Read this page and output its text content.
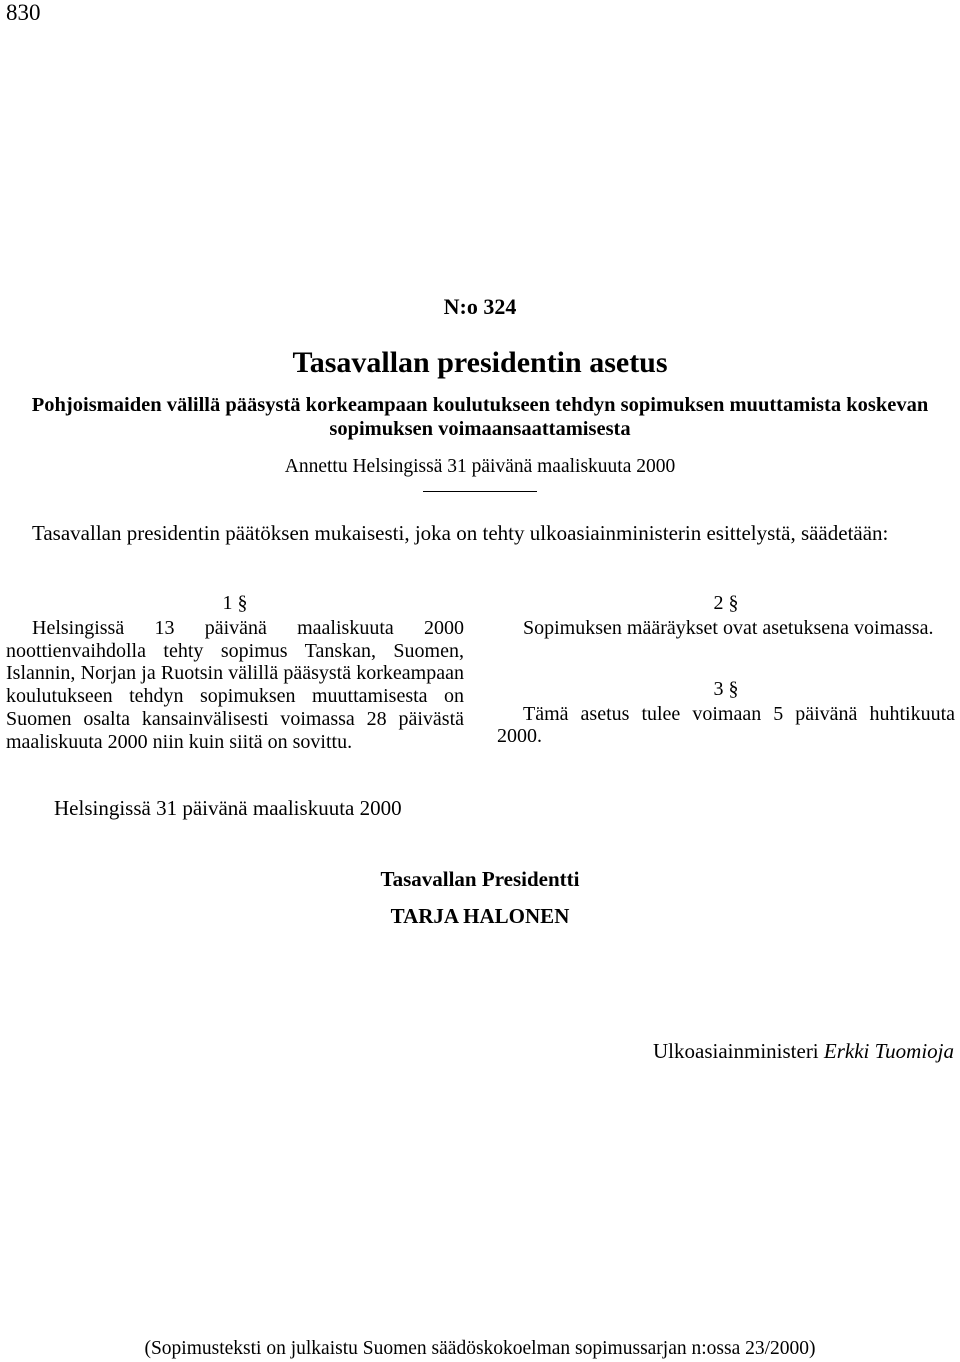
830
N:o 324
Tasavallan presidentin asetus
Pohjoismaiden välillä pääsystä korkeampaan koulutukseen tehdyn sopimuksen muuttamista koskevan sopimuksen voimaansaattamisesta
Annettu Helsingissä 31 päivänä maaliskuuta 2000
Tasavallan presidentin päätöksen mukaisesti, joka on tehty ulkoasiainministerin esittelystä, säädetään:
1 §
Helsingissä 13 päivänä maaliskuuta 2000 noottienvaihdolla tehty sopimus Tanskan, Suomen, Islannin, Norjan ja Ruotsin välillä pääsystä korkeampaan koulutukseen tehdyn sopimuksen muuttamisesta on Suomen osalta kansainvälisesti voimassa 28 päivästä maaliskuuta 2000 niin kuin siitä on sovittu.
2 §
Sopimuksen määräykset ovat asetuksena voimassa.
3 §
Tämä asetus tulee voimaan 5 päivänä huhtikuuta 2000.
Helsingissä 31 päivänä maaliskuuta 2000
Tasavallan Presidentti
TARJA HALONEN
Ulkoasiainministeri Erkki Tuomioja
(Sopimusteksti on julkaistu Suomen säädöskokoelman sopimussarjan n:ossa 23/2000)
